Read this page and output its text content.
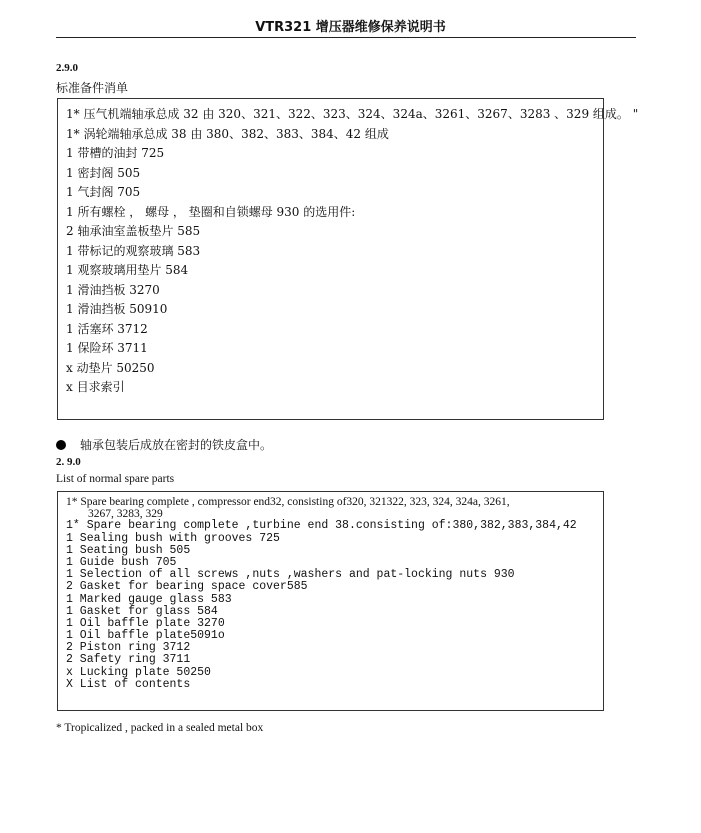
VTR321 增压器维修保养说明书
2.9.0
标准备件消单
1* 压气机端轴承总成 32 由 320、321、322、323、324、324a、3261、3267、3283 、329 组成。 "
1* 涡轮端轴承总成 38 由 380、382、383、384、42 组成
1 带槽的油封 725
1 密封阁 505
1 气封阁 705
1 所有螺栓 ， 螺母 ， 垫圈和自锁螺母 930 的选用件:
2 轴承油室盖板垫片 585
1 带标记的观察玻璃 583
1 观察玻璃用垫片 584
1 滑油挡板 3270
1 滑油挡板 50910
1 活塞环 3712
1 保险环 3711
x 动垫片 50250
x 目求索引
轴承包装后成放在密封的铁皮盒中。
2. 9.0
List of normal spare parts
1* Spare bearing complete , compressor end32, consisting of320, 321322, 323, 324, 324a, 3261,
3267, 3283, 329
1* Spare bearing complete ,turbine end 38.consisting of:380,382,383,384,42
1 Sealing bush with grooves 725
1 Seating bush 505
1 Guide bush 705
1 Selection of all screws ,nuts ,washers and pat-locking nuts 930
2 Gasket for bearing space cover585
1 Marked gauge glass 583
1 Gasket for glass 584
1 Oil baffle plate 3270
1 Oil baffle plate5091o
2 Piston ring 3712
2 Safety ring 3711
x Lucking plate 50250
X List of contents
* Tropicalized , packed in a sealed metal box
